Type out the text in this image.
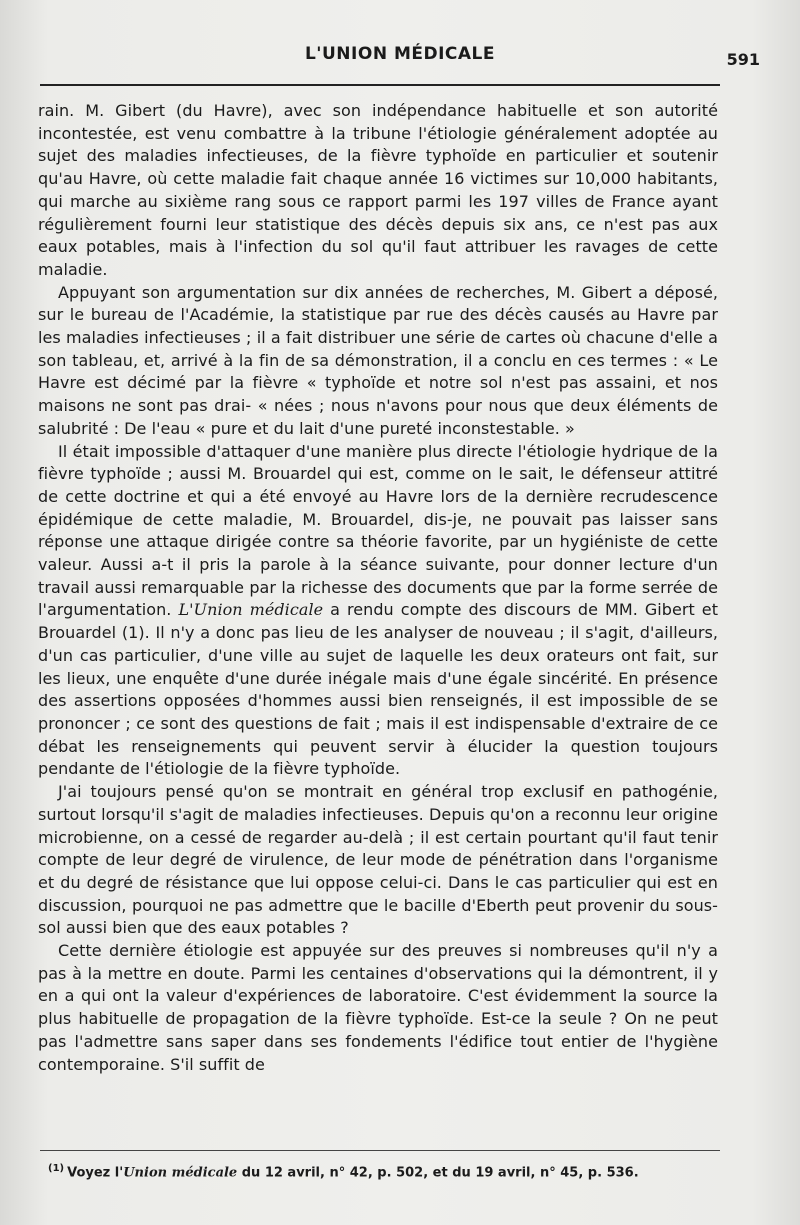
L'UNION MÉDICALE	591

rain. M. Gibert (du Havre), avec son indépendance habituelle et son autorité incontestée, est venu combattre à la tribune l'étiologie généralement adoptée au sujet des maladies infectieuses, de la fièvre typhoïde en particulier et soutenir qu'au Havre, où cette maladie fait chaque année 16 victimes sur 10,000 habitants, qui marche au sixième rang sous ce rapport parmi les 197 villes de France ayant régulièrement fourni leur statistique des décès depuis six ans, ce n'est pas aux eaux potables, mais à l'infection du sol qu'il faut attribuer les ravages de cette maladie.

Appuyant son argumentation sur dix années de recherches, M. Gibert a déposé, sur le bureau de l'Académie, la statistique par rue des décès causés au Havre par les maladies infectieuses ; il a fait distribuer une série de cartes où chacune d'elle a son tableau, et, arrivé à la fin de sa démonstration, il a conclu en ces termes : « Le Havre est décimé par la fièvre « typhoïde et notre sol n'est pas assaini, et nos maisons ne sont pas drai- « nées ; nous n'avons pour nous que deux éléments de salubrité : De l'eau « pure et du lait d'une pureté inconstestable. »

Il était impossible d'attaquer d'une manière plus directe l'étiologie hydrique de la fièvre typhoïde ; aussi M. Brouardel qui est, comme on le sait, le défenseur attitré de cette doctrine et qui a été envoyé au Havre lors de la dernière recrudescence épidémique de cette maladie, M. Brouardel, dis-je, ne pouvait pas laisser sans réponse une attaque dirigée contre sa théorie favorite, par un hygiéniste de cette valeur. Aussi a-t il pris la parole à la séance suivante, pour donner lecture d'un travail aussi remarquable par la richesse des documents que par la forme serrée de l'argumentation. L'Union médicale a rendu compte des discours de MM. Gibert et Brouardel (1). Il n'y a donc pas lieu de les analyser de nouveau ; il s'agit, d'ailleurs, d'un cas particulier, d'une ville au sujet de laquelle les deux orateurs ont fait, sur les lieux, une enquête d'une durée inégale mais d'une égale sincérité. En présence des assertions opposées d'hommes aussi bien renseignés, il est impossible de se prononcer ; ce sont des questions de fait ; mais il est indispensable d'extraire de ce débat les renseignements qui peuvent servir à élucider la question toujours pendante de l'étiologie de la fièvre typhoïde.

J'ai toujours pensé qu'on se montrait en général trop exclusif en pathogénie, surtout lorsqu'il s'agit de maladies infectieuses. Depuis qu'on a reconnu leur origine microbienne, on a cessé de regarder au-delà ; il est certain pourtant qu'il faut tenir compte de leur degré de virulence, de leur mode de pénétration dans l'organisme et du degré de résistance que lui oppose celui-ci. Dans le cas particulier qui est en discussion, pourquoi ne pas admettre que le bacille d'Eberth peut provenir du sous-sol aussi bien que des eaux potables ?

Cette dernière étiologie est appuyée sur des preuves si nombreuses qu'il n'y a pas à la mettre en doute. Parmi les centaines d'observations qui la démontrent, il y en a qui ont la valeur d'expériences de laboratoire. C'est évidemment la source la plus habituelle de propagation de la fièvre typhoïde. Est-ce la seule ? On ne peut pas l'admettre sans saper dans ses fondements l'édifice tout entier de l'hygiène contemporaine. S'il suffit de

$^{(1)}$ Voyez l'Union médicale du 12 avril, n° 42, p. 502, et du 19 avril, n° 45, p. 536.
